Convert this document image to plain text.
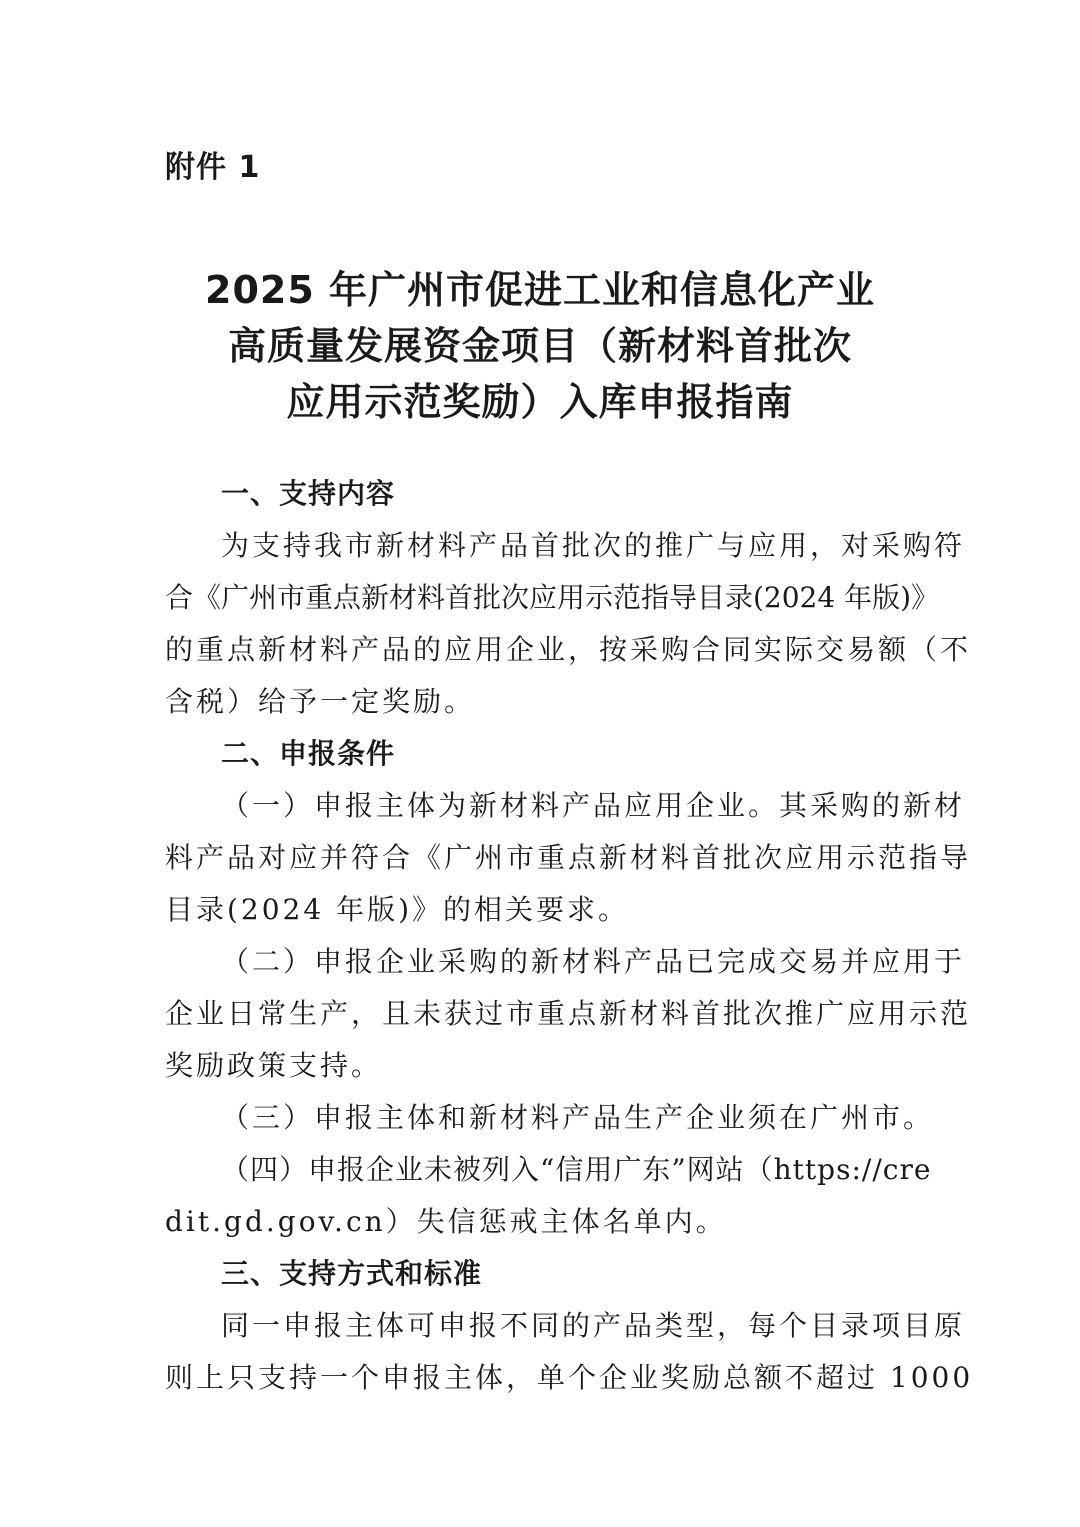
附件 1
2025 年广州市促进工业和信息化产业
高质量发展资金项目（新材料首批次
应用示范奖励）入库申报指南
一、支持内容
为支持我市新材料产品首批次的推广与应用，对采购符
合《广州市重点新材料首批次应用示范指导目录(2024 年版)》
的重点新材料产品的应用企业，按采购合同实际交易额（不
含税）给予一定奖励。
二、申报条件
（一）申报主体为新材料产品应用企业。其采购的新材
料产品对应并符合《广州市重点新材料首批次应用示范指导
目录(2024 年版)》的相关要求。
（二）申报企业采购的新材料产品已完成交易并应用于
企业日常生产，且未获过市重点新材料首批次推广应用示范
奖励政策支持。
（三）申报主体和新材料产品生产企业须在广州市。
（四）申报企业未被列入“信用广东”网站（https://cre
dit.gd.gov.cn）失信惩戒主体名单内。
三、支持方式和标准
同一申报主体可申报不同的产品类型，每个目录项目原
则上只支持一个申报主体，单个企业奖励总额不超过 1000
